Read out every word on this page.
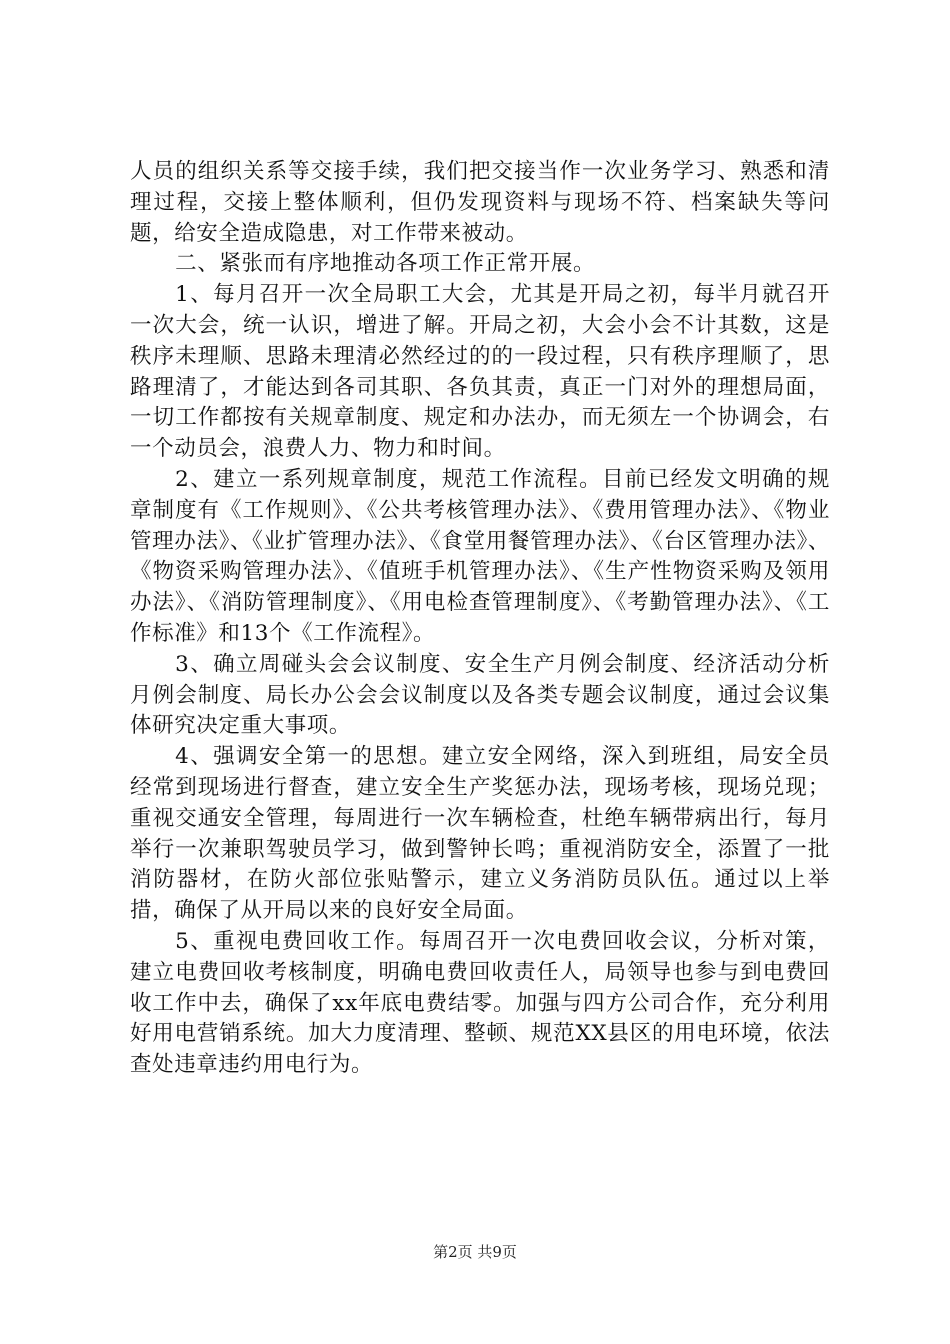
人员的组织关系等交接手续，我们把交接当作一次业务学习、熟悉和清理过程，交接上整体顺利，但仍发现资料与现场不符、档案缺失等问题，给安全造成隐患，对工作带来被动。

二、紧张而有序地推动各项工作正常开展。

1、每月召开一次全局职工大会，尤其是开局之初，每半月就召开一次大会，统一认识，增进了解。开局之初，大会小会不计其数，这是秩序未理顺、思路未理清必然经过的的一段过程，只有秩序理顺了，思路理清了，才能达到各司其职、各负其责，真正一门对外的理想局面，一切工作都按有关规章制度、规定和办法办，而无须左一个协调会，右一个动员会，浪费人力、物力和时间。

2、建立一系列规章制度，规范工作流程。目前已经发文明确的规章制度有《工作规则》、《公共考核管理办法》、《费用管理办法》、《物业管理办法》、《业扩管理办法》、《食堂用餐管理办法》、《台区管理办法》、《物资采购管理办法》、《值班手机管理办法》、《生产性物资采购及领用办法》、《消防管理制度》、《用电检查管理制度》、《考勤管理办法》、《工作标准》和13个《工作流程》。

3、确立周碰头会会议制度、安全生产月例会制度、经济活动分析月例会制度、局长办公会会议制度以及各类专题会议制度，通过会议集体研究决定重大事项。

4、强调安全第一的思想。建立安全网络，深入到班组，局安全员经常到现场进行督查，建立安全生产奖惩办法，现场考核，现场兑现；重视交通安全管理，每周进行一次车辆检查，杜绝车辆带病出行，每月举行一次兼职驾驶员学习，做到警钟长鸣；重视消防安全，添置了一批消防器材，在防火部位张贴警示，建立义务消防员队伍。通过以上举措，确保了从开局以来的良好安全局面。

5、重视电费回收工作。每周召开一次电费回收会议，分析对策，建立电费回收考核制度，明确电费回收责任人，局领导也参与到电费回收工作中去，确保了xx年底电费结零。加强与四方公司合作，充分利用好用电营销系统。加大力度清理、整顿、规范XX县区的用电环境，依法查处违章违约用电行为。

第2页 共9页
